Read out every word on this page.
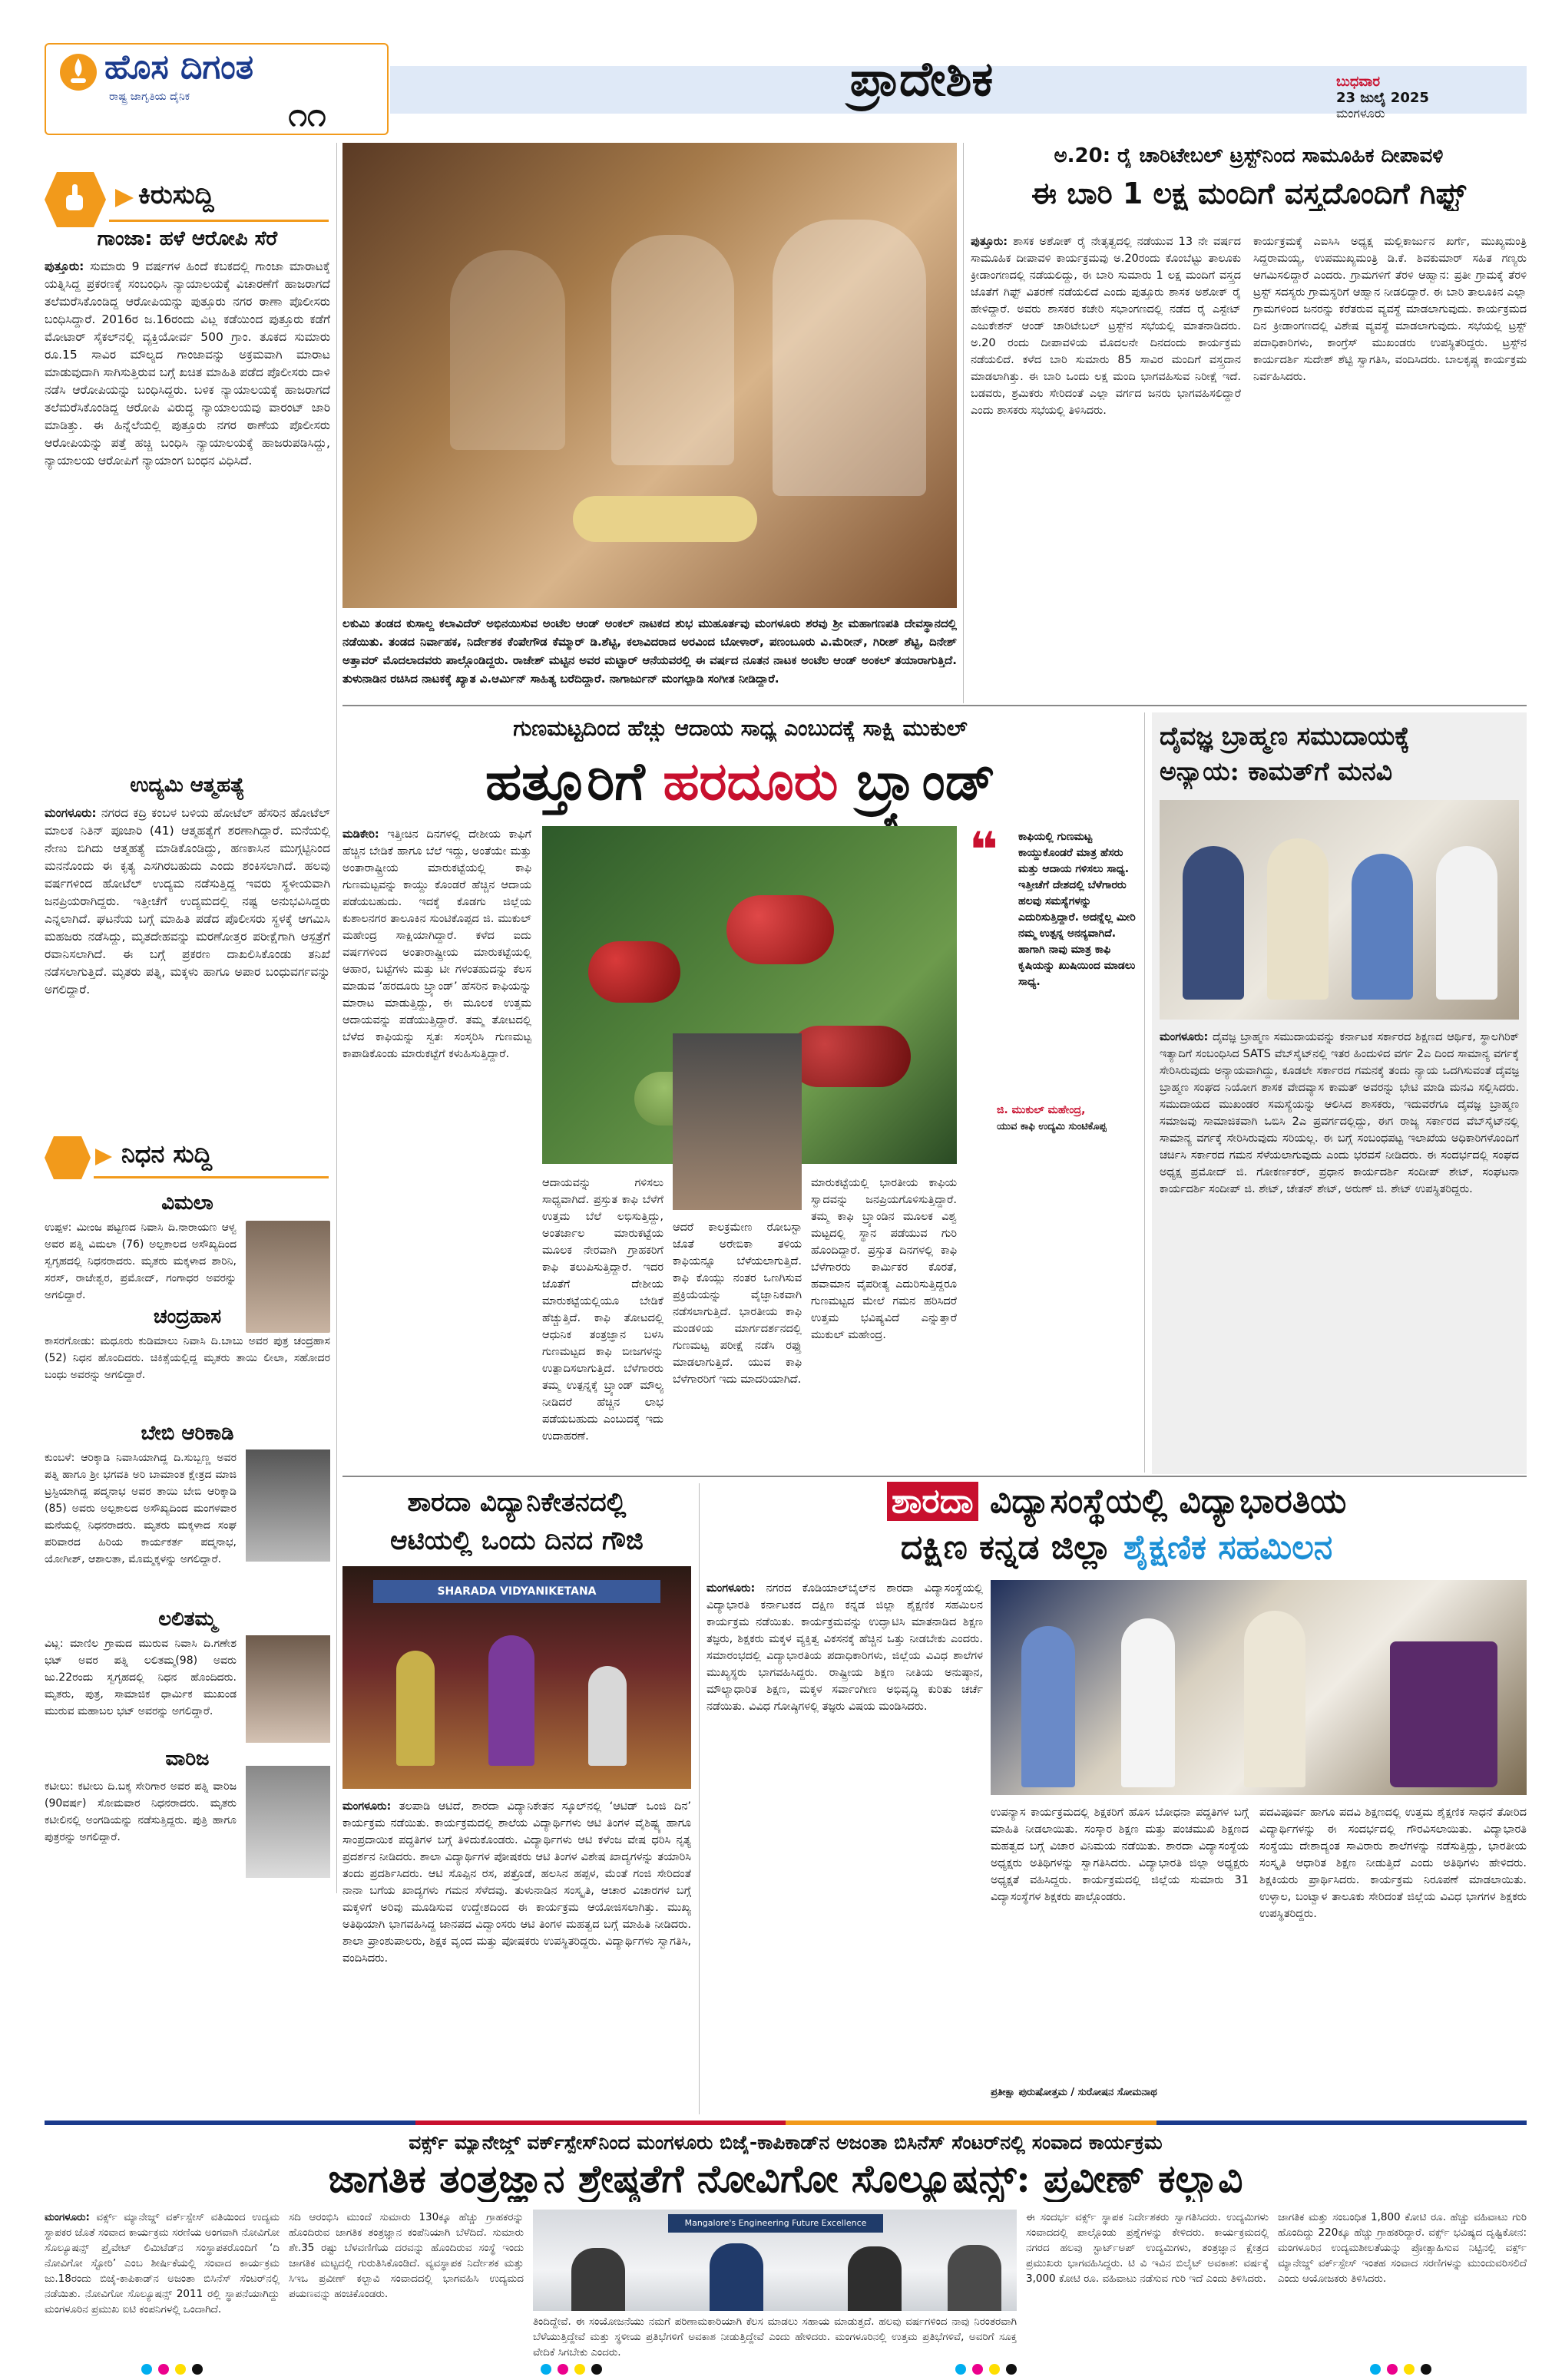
ಹೊಸ ದಿಗಂತ
ರಾಷ್ಟ್ರ ಜಾಗೃತಿಯ ದೈನಿಕ	೧೧
ಪ್ರಾದೇಶಿಕ	ಬುಧವಾರ
23 ಜುಲೈ 2025
ಮಂಗಳೂರು
ಕಿರುಸುದ್ದಿ
ಗಾಂಜಾ: ಹಳೆ ಆರೋಪಿ ಸೆರೆ
ಪುತ್ತೂರು: ಸುಮಾರು 9 ವರ್ಷಗಳ ಹಿಂದೆ ಕಬಕದಲ್ಲಿ ಗಾಂಜಾ ಮಾರಾಟಕ್ಕೆ ಯತ್ನಿಸಿದ್ದ ಪ್ರಕರಣಕ್ಕೆ ಸಂಬಂಧಿಸಿ ನ್ಯಾಯಾಲಯಕ್ಕೆ ವಿಚಾರಣೆಗೆ ಹಾಜರಾಗದೆ ತಲೆಮರೆಸಿಕೊಂಡಿದ್ದ ಆರೋಪಿಯನ್ನು ಪುತ್ತೂರು ನಗರ ಠಾಣಾ ಪೊಲೀಸರು ಬಂಧಿಸಿದ್ದಾರೆ. 2016ರ ಜ.16ರಂದು ವಿಟ್ಲ ಕಡೆಯಿಂದ ಪುತ್ತೂರು ಕಡೆಗೆ ಮೋಟಾರ್ ಸೈಕಲ್‌ನಲ್ಲಿ ವ್ಯಕ್ತಿಯೋರ್ವ 500 ಗ್ರಾಂ. ತೂಕದ ಸುಮಾರು ರೂ.15 ಸಾವಿರ ಮೌಲ್ಯದ ಗಾಂಜಾವನ್ನು ಅಕ್ರಮವಾಗಿ ಮಾರಾಟ ಮಾಡುವುದಾಗಿ ಸಾಗಿಸುತ್ತಿರುವ ಬಗ್ಗೆ ಖಚಿತ ಮಾಹಿತಿ ಪಡೆದ ಪೊಲೀಸರು ದಾಳಿ ನಡೆಸಿ ಆರೋಪಿಯನ್ನು ಬಂಧಿಸಿದ್ದರು. ಬಳಿಕ ನ್ಯಾಯಾಲಯಕ್ಕೆ ಹಾಜರಾಗದೆ ತಲೆಮರೆಸಿಕೊಂಡಿದ್ದ ಆರೋಪಿ ವಿರುದ್ಧ ನ್ಯಾಯಾಲಯವು ವಾರಂಟ್ ಜಾರಿ ಮಾಡಿತ್ತು. ಈ ಹಿನ್ನೆಲೆಯಲ್ಲಿ ಪುತ್ತೂರು ನಗರ ಠಾಣೆಯ ಪೊಲೀಸರು ಆರೋಪಿಯನ್ನು ಪತ್ತೆ ಹಚ್ಚಿ ಬಂಧಿಸಿ ನ್ಯಾಯಾಲಯಕ್ಕೆ ಹಾಜರುಪಡಿಸಿದ್ದು, ನ್ಯಾಯಾಲಯ ಆರೋಪಿಗೆ ನ್ಯಾಯಾಂಗ ಬಂಧನ ವಿಧಿಸಿದೆ.
ಉದ್ಯಮಿ ಆತ್ಮಹತ್ಯೆ
ಮಂಗಳೂರು: ನಗರದ ಕದ್ರಿ ಕಂಬಳ ಬಳಿಯ ಹೋಟೆಲ್ ಹೆಸರಿನ ಹೋಟೆಲ್ ಮಾಲಕ ನಿತಿನ್ ಪೂಜಾರಿ (41) ಆತ್ಮಹತ್ಯೆಗೆ ಶರಣಾಗಿದ್ದಾರೆ. ಮನೆಯಲ್ಲಿ ನೇಣು ಬಿಗಿದು ಆತ್ಮಹತ್ಯೆ ಮಾಡಿಕೊಂಡಿದ್ದು, ಹಣಕಾಸಿನ ಮುಗ್ಗಟ್ಟಿನಿಂದ ಮನನೊಂದು ಈ ಕೃತ್ಯ ಎಸಗಿರಬಹುದು ಎಂದು ಶಂಕಿಸಲಾಗಿದೆ. ಹಲವು ವರ್ಷಗಳಿಂದ ಹೋಟೆಲ್ ಉದ್ಯಮ ನಡೆಸುತ್ತಿದ್ದ ಇವರು ಸ್ಥಳೀಯವಾಗಿ ಜನಪ್ರಿಯರಾಗಿದ್ದರು. ಇತ್ತೀಚೆಗೆ ಉದ್ಯಮದಲ್ಲಿ ನಷ್ಟ ಅನುಭವಿಸಿದ್ದರು ಎನ್ನಲಾಗಿದೆ. ಘಟನೆಯ ಬಗ್ಗೆ ಮಾಹಿತಿ ಪಡೆದ ಪೊಲೀಸರು ಸ್ಥಳಕ್ಕೆ ಆಗಮಿಸಿ ಮಹಜರು ನಡೆಸಿದ್ದು, ಮೃತದೇಹವನ್ನು ಮರಣೋತ್ತರ ಪರೀಕ್ಷೆಗಾಗಿ ಆಸ್ಪತ್ರೆಗೆ ರವಾನಿಸಲಾಗಿದೆ. ಈ ಬಗ್ಗೆ ಪ್ರಕರಣ ದಾಖಲಿಸಿಕೊಂಡು ತನಿಖೆ ನಡೆಸಲಾಗುತ್ತಿದೆ. ಮೃತರು ಪತ್ನಿ, ಮಕ್ಕಳು ಹಾಗೂ ಅಪಾರ ಬಂಧುವರ್ಗವನ್ನು ಅಗಲಿದ್ದಾರೆ.
ನಿಧನ ಸುದ್ದಿ
ವಿಮಲಾ
ಉಪ್ಪಳ: ಮೀಂಜ ಪಟ್ಟಣದ ನಿವಾಸಿ ದಿ.ನಾರಾಯಣ ಆಳ್ವ ಅವರ ಪತ್ನಿ ವಿಮಲಾ (76) ಅಲ್ಪಕಾಲದ ಅಸೌಖ್ಯದಿಂದ ಸ್ವಗೃಹದಲ್ಲಿ ನಿಧನರಾದರು. ಮೃತರು ಮಕ್ಕಳಾದ ಶಾರಿನಿ, ಸರಸ್, ರಾಜೇಶ್ವರ, ಪ್ರಮೋದ್, ಗಂಗಾಧರ ಅವರನ್ನು ಅಗಲಿದ್ದಾರೆ.
ಚಂದ್ರಹಾಸ
ಕಾಸರಗೋಡು: ಮಧೂರು ಕುಡಿಮಾಲು ನಿವಾಸಿ ದಿ.ಬಾಬು ಅವರ ಪುತ್ರ ಚಂದ್ರಹಾಸ (52) ನಿಧನ ಹೊಂದಿದರು. ಚಿಕಿತ್ಸೆಯಲ್ಲಿದ್ದ ಮೃತರು ತಾಯಿ ಲೀಲಾ, ಸಹೋದರ ಬಂಧು ಅವರನ್ನು ಅಗಲಿದ್ದಾರೆ.
ಬೇಬಿ ಆರಿಕಾಡಿ
ಕುಂಬಳೆ: ಆರಿಕ್ಕಾಡಿ ನಿವಾಸಿಯಾಗಿದ್ದ ದಿ.ಸುಬ್ಬಣ್ಣ ಅವರ ಪತ್ನಿ ಹಾಗೂ ಶ್ರೀ ಭಗವತಿ ಅರಿ ಬಾಮಾಂತ ಕ್ಷೇತ್ರದ ಮಾಜಿ ಟ್ರಸ್ಟಿಯಾಗಿದ್ದ ಪದ್ಮನಾಭ ಅವರ ತಾಯಿ ಬೇಬಿ ಆರಿಕ್ಕಾಡಿ (85) ಅವರು ಅಲ್ಪಕಾಲದ ಅಸೌಖ್ಯದಿಂದ ಮಂಗಳವಾರ ಮನೆಯಲ್ಲಿ ನಿಧನರಾದರು. ಮೃತರು ಮಕ್ಕಳಾದ ಸಂಘ ಪರಿವಾರದ ಹಿರಿಯ ಕಾರ್ಯಕರ್ತ ಪದ್ಮನಾಭ, ಯೋಗೀಶ್, ಆಶಾಲತಾ, ಮೊಮ್ಮಕ್ಕಳನ್ನು ಅಗಲಿದ್ದಾರೆ.
ಲಲಿತಮ್ಮ
ವಿಟ್ಲ: ಮಾಣಿಲ ಗ್ರಾಮದ ಮುರುವ ನಿವಾಸಿ ದಿ.ಗಣೇಶ ಭಟ್ ಅವರ ಪತ್ನಿ ಲಲಿತಮ್ಮ(98) ಅವರು ಜು.22ರಂದು ಸ್ವಗೃಹದಲ್ಲಿ ನಿಧನ ಹೊಂದಿದರು. ಮೃತರು, ಪುತ್ರ, ಸಾಮಾಜಿಕ ಧಾರ್ಮಿಕ ಮುಖಂಡ ಮುರುವ ಮಹಾಬಲ ಭಟ್ ಅವರನ್ನು ಅಗಲಿದ್ದಾರೆ.
ವಾರಿಜ
ಕಟೀಲು: ಕಟೀಲು ದಿ.ಬಕ್ಕ ಸೇರಿಗಾರ ಅವರ ಪತ್ನಿ ವಾರಿಜ (90ವರ್ಷ) ಸೋಮವಾರ ನಿಧನರಾದರು. ಮೃತರು ಕಟೀಲಿನಲ್ಲಿ ಅಂಗಡಿಯನ್ನು ನಡೆಸುತ್ತಿದ್ದರು. ಪುತ್ರಿ ಹಾಗೂ ಪುತ್ರರನ್ನು ಅಗಲಿದ್ದಾರೆ.
ಲಕುಮಿ ತಂಡದ ಕುಸಾಲ್ದ ಕಲಾವಿದೆರ್ ಅಭಿನಯಿಸುವ ಅಂಟೆಲ ಆಂಡ್ ಅಂಕಲ್ ನಾಟಕದ ಶುಭ ಮುಹೂರ್ತವು ಮಂಗಳೂರು ಶರವು ಶ್ರೀ ಮಹಾಗಣಪತಿ ದೇವಸ್ಥಾನದಲ್ಲಿ ನಡೆಯಿತು. ತಂಡದ ನಿರ್ವಾಹಕ, ನಿರ್ದೇಶಕ ಕೆಂಪೇಗೌಡ ಕೆಮ್ಮಾರ್ ಡಿ.ಶೆಟ್ಟಿ, ಕಲಾವಿದರಾದ ಅರವಿಂದ ಬೋಳಾರ್, ಪಣಂಬೂರು ವಿ.ಮೆರೀನ್, ಗಿರೀಶ್ ಶೆಟ್ಟಿ, ದಿನೇಶ್ ಅತ್ತಾವರ್ ಮೊದಲಾದವರು ಪಾಲ್ಗೊಂಡಿದ್ದರು. ರಾಜೇಶ್ ಮಟ್ಟಿನ ಅವರ ಮಟ್ಟಾರ್ ಆನೆಯವರಲ್ಲಿ ಈ ವರ್ಷದ ನೂತನ ನಾಟಕ ಅಂಟೆಲ ಆಂಡ್ ಅಂಕಲ್ ತಯಾರಾಗುತ್ತಿದೆ. ತುಳುನಾಡಿನ ರಚಿಸಿದ ನಾಟಕಕ್ಕೆ ಖ್ಯಾತ ವಿ.ಆರ್ಮಿನ್ ಸಾಹಿತ್ಯ ಬರೆದಿದ್ದಾರೆ. ನಾಗಾರ್ಜುನ್ ಮಂಗಲ್ಪಾಡಿ ಸಂಗೀತ ನೀಡಿದ್ದಾರೆ.
ಅ.20: ರೈ ಚಾರಿಟೇಬಲ್ ಟ್ರಸ್ಟ್‌ನಿಂದ ಸಾಮೂಹಿಕ ದೀಪಾವಳಿ
ಈ ಬಾರಿ 1 ಲಕ್ಷ ಮಂದಿಗೆ ವಸ್ತ್ರದೊಂದಿಗೆ ಗಿಫ್ಟ್
ಪುತ್ತೂರು: ಶಾಸಕ ಅಶೋಕ್ ರೈ ನೇತೃತ್ವದಲ್ಲಿ ನಡೆಯುವ 13 ನೇ ವರ್ಷದ ಸಾಮೂಹಿಕ ದೀಪಾವಳಿ ಕಾರ್ಯಕ್ರಮವು ಅ.20ರಂದು ಕೊಂಬೆಟ್ಟು ತಾಲೂಕು ಕ್ರೀಡಾಂಗಣದಲ್ಲಿ ನಡೆಯಲಿದ್ದು, ಈ ಬಾರಿ ಸುಮಾರು 1 ಲಕ್ಷ ಮಂದಿಗೆ ವಸ್ತ್ರದ ಜೊತೆಗೆ ಗಿಫ್ಟ್ ವಿತರಣೆ ನಡೆಯಲಿದೆ ಎಂದು ಪುತ್ತೂರು ಶಾಸಕ ಅಶೋಕ್ ರೈ ಹೇಳಿದ್ದಾರೆ. ಅವರು ಶಾಸಕರ ಕಚೇರಿ ಸಭಾಂಗಣದಲ್ಲಿ ನಡೆದ ರೈ ಎಸ್ಟೇಟ್ ಎಜುಕೇಶನ್ ಆಂಡ್ ಚಾರಿಟೇಬಲ್ ಟ್ರಸ್ಟ್‌ನ ಸಭೆಯಲ್ಲಿ ಮಾತನಾಡಿದರು. ಅ.20 ರಂದು ದೀಪಾವಳಿಯ ಮೊದಲನೇ ದಿನದಂದು ಕಾರ್ಯಕ್ರಮ ನಡೆಯಲಿದೆ. ಕಳೆದ ಬಾರಿ ಸುಮಾರು 85 ಸಾವಿರ ಮಂದಿಗೆ ವಸ್ತ್ರದಾನ ಮಾಡಲಾಗಿತ್ತು. ಈ ಬಾರಿ ಒಂದು ಲಕ್ಷ ಮಂದಿ ಭಾಗವಹಿಸುವ ನಿರೀಕ್ಷೆ ಇದೆ. ಬಡವರು, ಶ್ರಮಿಕರು ಸೇರಿದಂತೆ ಎಲ್ಲಾ ವರ್ಗದ ಜನರು ಭಾಗವಹಿಸಲಿದ್ದಾರೆ ಎಂದು ಶಾಸಕರು ಸಭೆಯಲ್ಲಿ ತಿಳಿಸಿದರು.
ಕಾರ್ಯಕ್ರಮಕ್ಕೆ ಎಐಸಿಸಿ ಅಧ್ಯಕ್ಷ ಮಲ್ಲಿಕಾರ್ಜುನ ಖರ್ಗೆ, ಮುಖ್ಯಮಂತ್ರಿ ಸಿದ್ದರಾಮಯ್ಯ, ಉಪಮುಖ್ಯಮಂತ್ರಿ ಡಿ.ಕೆ. ಶಿವಕುಮಾರ್ ಸಹಿತ ಗಣ್ಯರು ಆಗಮಿಸಲಿದ್ದಾರೆ ಎಂದರು. ಗ್ರಾಮಗಳಿಗೆ ತೆರಳಿ ಆಹ್ವಾನ: ಪ್ರತೀ ಗ್ರಾಮಕ್ಕೆ ತೆರಳಿ ಟ್ರಸ್ಟ್ ಸದಸ್ಯರು ಗ್ರಾಮಸ್ಥರಿಗೆ ಆಹ್ವಾನ ನೀಡಲಿದ್ದಾರೆ. ಈ ಬಾರಿ ತಾಲೂಕಿನ ಎಲ್ಲಾ ಗ್ರಾಮಗಳಿಂದ ಜನರನ್ನು ಕರೆತರುವ ವ್ಯವಸ್ಥೆ ಮಾಡಲಾಗುವುದು. ಕಾರ್ಯಕ್ರಮದ ದಿನ ಕ್ರೀಡಾಂಗಣದಲ್ಲಿ ವಿಶೇಷ ವ್ಯವಸ್ಥೆ ಮಾಡಲಾಗುವುದು. ಸಭೆಯಲ್ಲಿ ಟ್ರಸ್ಟ್ ಪದಾಧಿಕಾರಿಗಳು, ಕಾಂಗ್ರೆಸ್ ಮುಖಂಡರು ಉಪಸ್ಥಿತರಿದ್ದರು. ಟ್ರಸ್ಟ್‌ನ ಕಾರ್ಯದರ್ಶಿ ಸುದೇಶ್ ಶೆಟ್ಟಿ ಸ್ವಾಗತಿಸಿ, ವಂದಿಸಿದರು. ಬಾಲಕೃಷ್ಣ ಕಾರ್ಯಕ್ರಮ ನಿರ್ವಹಿಸಿದರು.
ಗುಣಮಟ್ಟದಿಂದ ಹೆಚ್ಚು ಆದಾಯ ಸಾಧ್ಯ ಎಂಬುದಕ್ಕೆ ಸಾಕ್ಷಿ ಮುಕುಲ್
ಹತ್ತೂರಿಗೆ ಹರದೂರು ಬ್ರ್ಯಾಂಡ್
ಮಡಿಕೇರಿ: ಇತ್ತೀಚಿನ ದಿನಗಳಲ್ಲಿ ದೇಶೀಯ ಕಾಫಿಗೆ ಹೆಚ್ಚಿನ ಬೇಡಿಕೆ ಹಾಗೂ ಬೆಲೆ ಇದ್ದು, ಅಂತೆಯೇ ಮತ್ತು ಅಂತಾರಾಷ್ಟ್ರೀಯ ಮಾರುಕಟ್ಟೆಯಲ್ಲಿ ಕಾಫಿ ಗುಣಮಟ್ಟವನ್ನು ಕಾಯ್ದು ಕೊಂಡರೆ ಹೆಚ್ಚಿನ ಆದಾಯ ಪಡೆಯಬಹುದು. ಇದಕ್ಕೆ ಕೊಡಗು ಜಿಲ್ಲೆಯ ಕುಶಾಲನಗರ ತಾಲೂಕಿನ ಸುಂಟಿಕೊಪ್ಪದ ಜಿ. ಮುಕುಲ್ ಮಹೇಂದ್ರ ಸಾಕ್ಷಿಯಾಗಿದ್ದಾರೆ. ಕಳೆದ ಐದು ವರ್ಷಗಳಿಂದ ಅಂತಾರಾಷ್ಟ್ರೀಯ ಮಾರುಕಟ್ಟೆಯಲ್ಲಿ ಆಹಾರ, ಬಟ್ಟೆಗಳು ಮತ್ತು ಟೀ ಗಳಂತಹುದನ್ನು ಕೆಲಸ ಮಾಡುವ ‘ಹರದೂರು ಬ್ರ್ಯಾಂಡ್’ ಹೆಸರಿನ ಕಾಫಿಯನ್ನು ಮಾರಾಟ ಮಾಡುತ್ತಿದ್ದು, ಈ ಮೂಲಕ ಉತ್ತಮ ಆದಾಯವನ್ನು ಪಡೆಯುತ್ತಿದ್ದಾರೆ. ತಮ್ಮ ತೋಟದಲ್ಲಿ ಬೆಳೆದ ಕಾಫಿಯನ್ನು ಸ್ವತಃ ಸಂಸ್ಕರಿಸಿ ಗುಣಮಟ್ಟ ಕಾಪಾಡಿಕೊಂಡು ಮಾರುಕಟ್ಟೆಗೆ ಕಳುಹಿಸುತ್ತಿದ್ದಾರೆ.
❝ ಕಾಫಿಯಲ್ಲಿ ಗುಣಮಟ್ಟ ಕಾಯ್ದುಕೊಂಡರೆ ಮಾತ್ರ ಹೆಸರು ಮತ್ತು ಆದಾಯ ಗಳಿಸಲು ಸಾಧ್ಯ. ಇತ್ತೀಚೆಗೆ ದೇಶದಲ್ಲಿ ಬೆಳೆಗಾರರು ಹಲವು ಸಮಸ್ಯೆಗಳನ್ನು ಎದುರಿಸುತ್ತಿದ್ದಾರೆ. ಅದನ್ನೆಲ್ಲ ಮೀರಿ ನಮ್ಮ ಉತ್ಪನ್ನ ಅನನ್ಯವಾಗಿದೆ. ಹಾಗಾಗಿ ನಾವು ಮಾತ್ರ ಕಾಫಿ ಕೃಷಿಯನ್ನು ಖುಷಿಯಿಂದ ಮಾಡಲು ಸಾಧ್ಯ.
ಜಿ. ಮುಕುಲ್ ಮಹೇಂದ್ರ,
ಯುವ ಕಾಫಿ ಉದ್ಯಮಿ ಸುಂಟಿಕೊಪ್ಪ
ಆದಾಯವನ್ನು ಗಳಿಸಲು ಸಾಧ್ಯವಾಗಿದೆ. ಪ್ರಸ್ತುತ ಕಾಫಿ ಬೆಳೆಗೆ ಉತ್ತಮ ಬೆಲೆ ಲಭಿಸುತ್ತಿದ್ದು, ಅಂತರ್ಜಾಲ ಮಾರುಕಟ್ಟೆಯ ಮೂಲಕ ನೇರವಾಗಿ ಗ್ರಾಹಕರಿಗೆ ಕಾಫಿ ತಲುಪಿಸುತ್ತಿದ್ದಾರೆ. ಇದರ ಜೊತೆಗೆ ದೇಶೀಯ ಮಾರುಕಟ್ಟೆಯಲ್ಲಿಯೂ ಬೇಡಿಕೆ ಹೆಚ್ಚುತ್ತಿದೆ. ಕಾಫಿ ತೋಟದಲ್ಲಿ ಆಧುನಿಕ ತಂತ್ರಜ್ಞಾನ ಬಳಸಿ ಗುಣಮಟ್ಟದ ಕಾಫಿ ಬೀಜಗಳನ್ನು ಉತ್ಪಾದಿಸಲಾಗುತ್ತಿದೆ. ಬೆಳೆಗಾರರು ತಮ್ಮ ಉತ್ಪನ್ನಕ್ಕೆ ಬ್ರ್ಯಾಂಡ್ ಮೌಲ್ಯ ನೀಡಿದರೆ ಹೆಚ್ಚಿನ ಲಾಭ ಪಡೆಯಬಹುದು ಎಂಬುದಕ್ಕೆ ಇದು ಉದಾಹರಣೆ.
ಆದರೆ ಕಾಲಕ್ರಮೇಣ ರೋಬಸ್ಟಾ ಜೊತೆ ಅರೇಬಿಕಾ ತಳಿಯ ಕಾಫಿಯನ್ನೂ ಬೆಳೆಯಲಾಗುತ್ತಿದೆ. ಕಾಫಿ ಕೊಯ್ಲು ನಂತರ ಒಣಗಿಸುವ ಪ್ರಕ್ರಿಯೆಯನ್ನು ವೈಜ್ಞಾನಿಕವಾಗಿ ನಡೆಸಲಾಗುತ್ತಿದೆ. ಭಾರತೀಯ ಕಾಫಿ ಮಂಡಳಿಯ ಮಾರ್ಗದರ್ಶನದಲ್ಲಿ ಗುಣಮಟ್ಟ ಪರೀಕ್ಷೆ ನಡೆಸಿ ರಫ್ತು ಮಾಡಲಾಗುತ್ತಿದೆ. ಯುವ ಕಾಫಿ ಬೆಳೆಗಾರರಿಗೆ ಇದು ಮಾದರಿಯಾಗಿದೆ.
ಮಾರುಕಟ್ಟೆಯಲ್ಲಿ ಭಾರತೀಯ ಕಾಫಿಯ ಸ್ವಾದವನ್ನು ಜನಪ್ರಿಯಗೊಳಿಸುತ್ತಿದ್ದಾರೆ. ತಮ್ಮ ಕಾಫಿ ಬ್ರ್ಯಾಂಡಿನ ಮೂಲಕ ವಿಶ್ವ ಮಟ್ಟದಲ್ಲಿ ಸ್ಥಾನ ಪಡೆಯುವ ಗುರಿ ಹೊಂದಿದ್ದಾರೆ. ಪ್ರಸ್ತುತ ದಿನಗಳಲ್ಲಿ ಕಾಫಿ ಬೆಳೆಗಾರರು ಕಾರ್ಮಿಕರ ಕೊರತೆ, ಹವಾಮಾನ ವೈಪರೀತ್ಯ ಎದುರಿಸುತ್ತಿದ್ದರೂ ಗುಣಮಟ್ಟದ ಮೇಲೆ ಗಮನ ಹರಿಸಿದರೆ ಉತ್ತಮ ಭವಿಷ್ಯವಿದೆ ಎನ್ನುತ್ತಾರೆ ಮುಕುಲ್ ಮಹೇಂದ್ರ.
ದೈವಜ್ಞ ಬ್ರಾಹ್ಮಣ ಸಮುದಾಯಕ್ಕೆ
ಅನ್ಯಾಯ: ಕಾಮತ್‌ಗೆ ಮನವಿ
ಮಂಗಳೂರು: ದೈವಜ್ಞ ಬ್ರಾಹ್ಮಣ ಸಮುದಾಯವನ್ನು ಕರ್ನಾಟಕ ಸರ್ಕಾರದ ಶಿಕ್ಷಣದ ಆರ್ಥಿಕ, ಸ್ಥಾಲಗಿರಿಕ್ ಇತ್ಯಾದಿಗೆ ಸಂಬಂಧಿಸಿದ SATS ವೆಬ್‌ಸೈಟ್‌ನಲ್ಲಿ ಇತರ ಹಿಂದುಳಿದ ವರ್ಗ 2ಎ ದಿಂದ ಸಾಮಾನ್ಯ ವರ್ಗಕ್ಕೆ ಸೇರಿಸಿರುವುದು ಅನ್ಯಾಯವಾಗಿದ್ದು, ಕೂಡಲೇ ಸರ್ಕಾರದ ಗಮನಕ್ಕೆ ತಂದು ನ್ಯಾಯ ಒದಗಿಸುವಂತೆ ದೈವಜ್ಞ ಬ್ರಾಹ್ಮಣ ಸಂಘದ ನಿಯೋಗ ಶಾಸಕ ವೇದವ್ಯಾಸ ಕಾಮತ್ ಅವರನ್ನು ಭೇಟಿ ಮಾಡಿ ಮನವಿ ಸಲ್ಲಿಸಿದರು. ಸಮುದಾಯದ ಮುಖಂಡರ ಸಮಸ್ಯೆಯನ್ನು ಆಲಿಸಿದ ಶಾಸಕರು, ಇದುವರೆಗೂ ದೈವಜ್ಞ ಬ್ರಾಹ್ಮಣ ಸಮಾಜವು ಸಾಮಾಜಿಕವಾಗಿ ಒಬಿಸಿ 2ಎ ಪ್ರವರ್ಗದಲ್ಲಿದ್ದು, ಈಗ ರಾಜ್ಯ ಸರ್ಕಾರದ ವೆಬ್‌ಸೈಟ್‌ನಲ್ಲಿ ಸಾಮಾನ್ಯ ವರ್ಗಕ್ಕೆ ಸೇರಿಸಿರುವುದು ಸರಿಯಲ್ಲ. ಈ ಬಗ್ಗೆ ಸಂಬಂಧಪಟ್ಟ ಇಲಾಖೆಯ ಅಧಿಕಾರಿಗಳೊಂದಿಗೆ ಚರ್ಚಿಸಿ ಸರ್ಕಾರದ ಗಮನ ಸೆಳೆಯಲಾಗುವುದು ಎಂದು ಭರವಸೆ ನೀಡಿದರು. ಈ ಸಂದರ್ಭದಲ್ಲಿ ಸಂಘದ ಅಧ್ಯಕ್ಷ ಪ್ರಮೋದ್ ಜಿ. ಗೋಕರ್ಣಕರ್, ಪ್ರಧಾನ ಕಾರ್ಯದರ್ಶಿ ಸಂದೀಪ್ ಶೇಟ್, ಸಂಘಟನಾ ಕಾರ್ಯದರ್ಶಿ ಸಂದೀಪ್ ಜಿ. ಶೇಟ್, ಚೇತನ್ ಶೇಟ್, ಅರುಣ್ ಜಿ. ಶೇಟ್ ಉಪಸ್ಥಿತರಿದ್ದರು.
ಶಾರದಾ ವಿದ್ಯಾನಿಕೇತನದಲ್ಲಿ
ಆಟಿಯಲ್ಲಿ ಒಂದು ದಿನದ ಗೌಜಿ
SHARADA VIDYANIKETANA
ಮಂಗಳೂರು: ತಲಪಾಡಿ ಆಟಿದೆ, ಶಾರದಾ ವಿದ್ಯಾನಿಕೇತನ ಸ್ಕೂಲ್‌ನಲ್ಲಿ ‘ಆಟಿಡ್ ಒಂಜಿ ದಿನ’ ಕಾರ್ಯಕ್ರಮ ನಡೆಯಿತು. ಕಾರ್ಯಕ್ರಮದಲ್ಲಿ ಶಾಲೆಯ ವಿದ್ಯಾರ್ಥಿಗಳು ಆಟಿ ತಿಂಗಳ ವೈಶಿಷ್ಟ್ಯ ಹಾಗೂ ಸಾಂಪ್ರದಾಯಿಕ ಪದ್ಧತಿಗಳ ಬಗ್ಗೆ ತಿಳಿದುಕೊಂಡರು. ವಿದ್ಯಾರ್ಥಿಗಳು ಆಟಿ ಕಳೆಂಜ ವೇಷ ಧರಿಸಿ ನೃತ್ಯ ಪ್ರದರ್ಶನ ನೀಡಿದರು. ಶಾಲಾ ವಿದ್ಯಾರ್ಥಿಗಳ ಪೋಷಕರು ಆಟಿ ತಿಂಗಳ ವಿಶೇಷ ಖಾದ್ಯಗಳನ್ನು ತಯಾರಿಸಿ ತಂದು ಪ್ರದರ್ಶಿಸಿದರು. ಆಟಿ ಸೊಪ್ಪಿನ ರಸ, ಪತ್ರೊಡೆ, ಹಲಸಿನ ಹಪ್ಪಳ, ಮೆಂತೆ ಗಂಜಿ ಸೇರಿದಂತೆ ನಾನಾ ಬಗೆಯ ಖಾದ್ಯಗಳು ಗಮನ ಸೆಳೆದವು. ತುಳುನಾಡಿನ ಸಂಸ್ಕೃತಿ, ಆಚಾರ ವಿಚಾರಗಳ ಬಗ್ಗೆ ಮಕ್ಕಳಿಗೆ ಅರಿವು ಮೂಡಿಸುವ ಉದ್ದೇಶದಿಂದ ಈ ಕಾರ್ಯಕ್ರಮ ಆಯೋಜಿಸಲಾಗಿತ್ತು. ಮುಖ್ಯ ಅತಿಥಿಯಾಗಿ ಭಾಗವಹಿಸಿದ್ದ ಜಾನಪದ ವಿದ್ವಾಂಸರು ಆಟಿ ತಿಂಗಳ ಮಹತ್ವದ ಬಗ್ಗೆ ಮಾಹಿತಿ ನೀಡಿದರು. ಶಾಲಾ ಪ್ರಾಂಶುಪಾಲರು, ಶಿಕ್ಷಕ ವೃಂದ ಮತ್ತು ಪೋಷಕರು ಉಪಸ್ಥಿತರಿದ್ದರು. ವಿದ್ಯಾರ್ಥಿಗಳು ಸ್ವಾಗತಿಸಿ, ವಂದಿಸಿದರು.
ಶಾರದಾ ವಿದ್ಯಾಸಂಸ್ಥೆಯಲ್ಲಿ ವಿದ್ಯಾಭಾರತಿಯ
ದಕ್ಷಿಣ ಕನ್ನಡ ಜಿಲ್ಲಾ ಶೈಕ್ಷಣಿಕ ಸಹಮಿಲನ
ಮಂಗಳೂರು: ನಗರದ ಕೊಡಿಯಾಲ್‌ಬೈಲ್‌ನ ಶಾರದಾ ವಿದ್ಯಾಸಂಸ್ಥೆಯಲ್ಲಿ ವಿದ್ಯಾಭಾರತಿ ಕರ್ನಾಟಕದ ದಕ್ಷಿಣ ಕನ್ನಡ ಜಿಲ್ಲಾ ಶೈಕ್ಷಣಿಕ ಸಹಮಿಲನ ಕಾರ್ಯಕ್ರಮ ನಡೆಯಿತು. ಕಾರ್ಯಕ್ರಮವನ್ನು ಉದ್ಘಾಟಿಸಿ ಮಾತನಾಡಿದ ಶಿಕ್ಷಣ ತಜ್ಞರು, ಶಿಕ್ಷಕರು ಮಕ್ಕಳ ವ್ಯಕ್ತಿತ್ವ ವಿಕಸನಕ್ಕೆ ಹೆಚ್ಚಿನ ಒತ್ತು ನೀಡಬೇಕು ಎಂದರು. ಸಮಾರಂಭದಲ್ಲಿ ವಿದ್ಯಾಭಾರತಿಯ ಪದಾಧಿಕಾರಿಗಳು, ಜಿಲ್ಲೆಯ ವಿವಿಧ ಶಾಲೆಗಳ ಮುಖ್ಯಸ್ಥರು ಭಾಗವಹಿಸಿದ್ದರು. ರಾಷ್ಟ್ರೀಯ ಶಿಕ್ಷಣ ನೀತಿಯ ಅನುಷ್ಠಾನ, ಮೌಲ್ಯಾಧಾರಿತ ಶಿಕ್ಷಣ, ಮಕ್ಕಳ ಸರ್ವಾಂಗೀಣ ಅಭಿವೃದ್ಧಿ ಕುರಿತು ಚರ್ಚೆ ನಡೆಯಿತು. ವಿವಿಧ ಗೋಷ್ಠಿಗಳಲ್ಲಿ ತಜ್ಞರು ವಿಷಯ ಮಂಡಿಸಿದರು.
ಉಪನ್ಯಾಸ ಕಾರ್ಯಕ್ರಮದಲ್ಲಿ ಶಿಕ್ಷಕರಿಗೆ ಹೊಸ ಬೋಧನಾ ಪದ್ಧತಿಗಳ ಬಗ್ಗೆ ಮಾಹಿತಿ ನೀಡಲಾಯಿತು. ಸಂಸ್ಕಾರ ಶಿಕ್ಷಣ ಮತ್ತು ಪಂಚಮುಖಿ ಶಿಕ್ಷಣದ ಮಹತ್ವದ ಬಗ್ಗೆ ವಿಚಾರ ವಿನಿಮಯ ನಡೆಯಿತು. ಶಾರದಾ ವಿದ್ಯಾಸಂಸ್ಥೆಯ ಅಧ್ಯಕ್ಷರು ಅತಿಥಿಗಳನ್ನು ಸ್ವಾಗತಿಸಿದರು. ವಿದ್ಯಾಭಾರತಿ ಜಿಲ್ಲಾ ಅಧ್ಯಕ್ಷರು ಅಧ್ಯಕ್ಷತೆ ವಹಿಸಿದ್ದರು. ಕಾರ್ಯಕ್ರಮದಲ್ಲಿ ಜಿಲ್ಲೆಯ ಸುಮಾರು 31 ವಿದ್ಯಾಸಂಸ್ಥೆಗಳ ಶಿಕ್ಷಕರು ಪಾಲ್ಗೊಂಡರು.
ಪದವಿಪೂರ್ವ ಹಾಗೂ ಪದವಿ ಶಿಕ್ಷಣದಲ್ಲಿ ಉತ್ತಮ ಶೈಕ್ಷಣಿಕ ಸಾಧನೆ ತೋರಿದ ವಿದ್ಯಾರ್ಥಿಗಳನ್ನು ಈ ಸಂದರ್ಭದಲ್ಲಿ ಗೌರವಿಸಲಾಯಿತು. ವಿದ್ಯಾಭಾರತಿ ಸಂಸ್ಥೆಯು ದೇಶಾದ್ಯಂತ ಸಾವಿರಾರು ಶಾಲೆಗಳನ್ನು ನಡೆಸುತ್ತಿದ್ದು, ಭಾರತೀಯ ಸಂಸ್ಕೃತಿ ಆಧಾರಿತ ಶಿಕ್ಷಣ ನೀಡುತ್ತಿದೆ ಎಂದು ಅತಿಥಿಗಳು ಹೇಳಿದರು. ಶಿಕ್ಷಕಿಯರು ಪ್ರಾರ್ಥಿಸಿದರು. ಕಾರ್ಯಕ್ರಮ ನಿರೂಪಣೆ ಮಾಡಲಾಯಿತು. ಉಳ್ಳಾಲ, ಬಂಟ್ವಾಳ ತಾಲೂಕು ಸೇರಿದಂತೆ ಜಿಲ್ಲೆಯ ವಿವಿಧ ಭಾಗಗಳ ಶಿಕ್ಷಕರು ಉಪಸ್ಥಿತರಿದ್ದರು.
ಪ್ರತೀಕ್ಷಾ ಪುರುಷೋತ್ತಮ / ಸುರೋಷನ ಸೋಮನಾಥ
ವರ್ಕ್ಸ್ ಮ್ಯಾನೇಜ್ಡ್ ವರ್ಕ್‌ಸ್ಪೇಸ್‌ನಿಂದ ಮಂಗಳೂರು ಬಿಜೈ-ಕಾಪಿಕಾಡ್‌ನ ಅಜಂತಾ ಬಿಸಿನೆಸ್ ಸೆಂಟರ್‌ನಲ್ಲಿ ಸಂವಾದ ಕಾರ್ಯಕ್ರಮ
ಜಾಗತಿಕ ತಂತ್ರಜ್ಞಾನ ಶ್ರೇಷ್ಠತೆಗೆ ನೋವಿಗೋ ಸೊಲ್ಯೂಷನ್ಸ್: ಪ್ರವೀಣ್ ಕಲ್ಬಾವಿ
ಮಂಗಳೂರು: ವರ್ಕ್ಸ್ ಮ್ಯಾನೇಜ್ಡ್ ವರ್ಕ್‌ಸ್ಪೇಸ್ ವತಿಯಿಂದ ಉದ್ಯಮ ಸ್ಥಾಪಕರ ಜೊತೆ ಸಂವಾದ ಕಾರ್ಯಕ್ರಮ ಸರಣಿಯ ಅಂಗವಾಗಿ ನೋವಿಗೋ ಸೊಲ್ಯೂಷನ್ಸ್ ಪ್ರೈವೇಟ್ ಲಿಮಿಟೆಡ್‌ನ ಸಂಸ್ಥಾಪಕರೊಂದಿಗೆ ‘ದಿ ನೋವಿಗೋ ಸ್ಟೋರಿ’ ಎಂಬ ಶೀರ್ಷಿಕೆಯಲ್ಲಿ ಸಂವಾದ ಕಾರ್ಯಕ್ರಮ ಜು.18ರಂದು ಬಿಜೈ-ಕಾಪಿಕಾಡ್‌ನ ಅಜಂತಾ ಬಿಸಿನೆಸ್ ಸೆಂಟರ್‌ನಲ್ಲಿ ನಡೆಯಿತು. ನೋವಿಗೋ ಸೊಲ್ಯೂಷನ್ಸ್ 2011 ರಲ್ಲಿ ಸ್ಥಾಪನೆಯಾಗಿದ್ದು ಮಂಗಳೂರಿನ ಪ್ರಮುಖ ಐಟಿ ಕಂಪನಿಗಳಲ್ಲಿ ಒಂದಾಗಿದೆ.
ಸದಿ ಆರಂಭಿಸಿ ಮುಂದೆ ಸುಮಾರು 130ಕ್ಕೂ ಹೆಚ್ಚು ಗ್ರಾಹಕರನ್ನು ಹೊಂದಿರುವ ಜಾಗತಿಕ ತಂತ್ರಜ್ಞಾನ ಕಂಪೆನಿಯಾಗಿ ಬೆಳೆದಿದೆ. ಸುಮಾರು ಶೇ.35 ರಷ್ಟು ಬೆಳವಣಿಗೆಯ ದರವನ್ನು ಹೊಂದಿರುವ ಸಂಸ್ಥೆ ಇಂದು ಜಾಗತಿಕ ಮಟ್ಟದಲ್ಲಿ ಗುರುತಿಸಿಕೊಂಡಿದೆ. ವ್ಯವಸ್ಥಾಪಕ ನಿರ್ದೇಶಕ ಮತ್ತು ಸಿಇಒ ಪ್ರವೀಣ್ ಕಲ್ಬಾವಿ ಸಂವಾದದಲ್ಲಿ ಭಾಗವಹಿಸಿ ಉದ್ಯಮದ ಪಯಣವನ್ನು ಹಂಚಿಕೊಂಡರು.
Mangalore's Engineering Future Excellence
ತಿಂದಿದ್ದೇವೆ. ಈ ಸಂಯೋಜನೆಯು ನಮಗೆ ಪರಿಣಾಮಕಾರಿಯಾಗಿ ಕೆಲಸ ಮಾಡಲು ಸಹಾಯ ಮಾಡುತ್ತದೆ. ಹಲವು ವರ್ಷಗಳಿಂದ ನಾವು ನಿರಂತರವಾಗಿ ಬೆಳೆಯುತ್ತಿದ್ದೇವೆ ಮತ್ತು ಸ್ಥಳೀಯ ಪ್ರತಿಭೆಗಳಿಗೆ ಅವಕಾಶ ನೀಡುತ್ತಿದ್ದೇವೆ ಎಂದು ಹೇಳಿದರು. ಮಂಗಳೂರಿನಲ್ಲಿ ಉತ್ತಮ ಪ್ರತಿಭೆಗಳಿವೆ, ಅವರಿಗೆ ಸೂಕ್ತ ವೇದಿಕೆ ಸಿಗಬೇಕು ಎಂದರು.
ಈ ಸಂದರ್ಭ ವರ್ಕ್ಸ್ ಸ್ಥಾಪಕ ನಿರ್ದೇಶಕರು ಸ್ವಾಗತಿಸಿದರು. ಉದ್ಯಮಿಗಳು ಸಂವಾದದಲ್ಲಿ ಪಾಲ್ಗೊಂಡು ಪ್ರಶ್ನೆಗಳನ್ನು ಕೇಳಿದರು. ಕಾರ್ಯಕ್ರಮದಲ್ಲಿ ನಗರದ ಹಲವು ಸ್ಟಾರ್ಟ್‌ಅಪ್ ಉದ್ಯಮಿಗಳು, ತಂತ್ರಜ್ಞಾನ ಕ್ಷೇತ್ರದ ಪ್ರಮುಖರು ಭಾಗವಹಿಸಿದ್ದರು. ಟಿ ವಿ ಇವಿನ ಬಿಲೈಟ್ ಅವಕಾಶ: ವರ್ಷಕ್ಕೆ 3,000 ಕೋಟಿ ರೂ. ವಹಿವಾಟು ನಡೆಸುವ ಗುರಿ ಇದೆ ಎಂದು ತಿಳಿಸಿದರು.
ಜಾಗತಿಕ ಮತ್ತು ಸಂಬಂಧಿತ 1,800 ಕೋಟಿ ರೂ. ಹೆಚ್ಚು ವಹಿವಾಟು ಗುರಿ ಹೊಂದಿದ್ದು 220ಕ್ಕೂ ಹೆಚ್ಚು ಗ್ರಾಹಕರಿದ್ದಾರೆ. ವರ್ಕ್ಸ್ ಭವಿಷ್ಯದ ದೃಷ್ಟಿಕೋನ: ಮಂಗಳೂರಿನ ಉದ್ಯಮಶೀಲತೆಯನ್ನು ಪ್ರೋತ್ಸಾಹಿಸುವ ನಿಟ್ಟಿನಲ್ಲಿ ವರ್ಕ್ಸ್ ಮ್ಯಾನೇಜ್ಡ್ ವರ್ಕ್‌ಸ್ಪೇಸ್ ಇಂತಹ ಸಂವಾದ ಸರಣಿಗಳನ್ನು ಮುಂದುವರಿಸಲಿದೆ ಎಂದು ಆಯೋಜಕರು ತಿಳಿಸಿದರು.
